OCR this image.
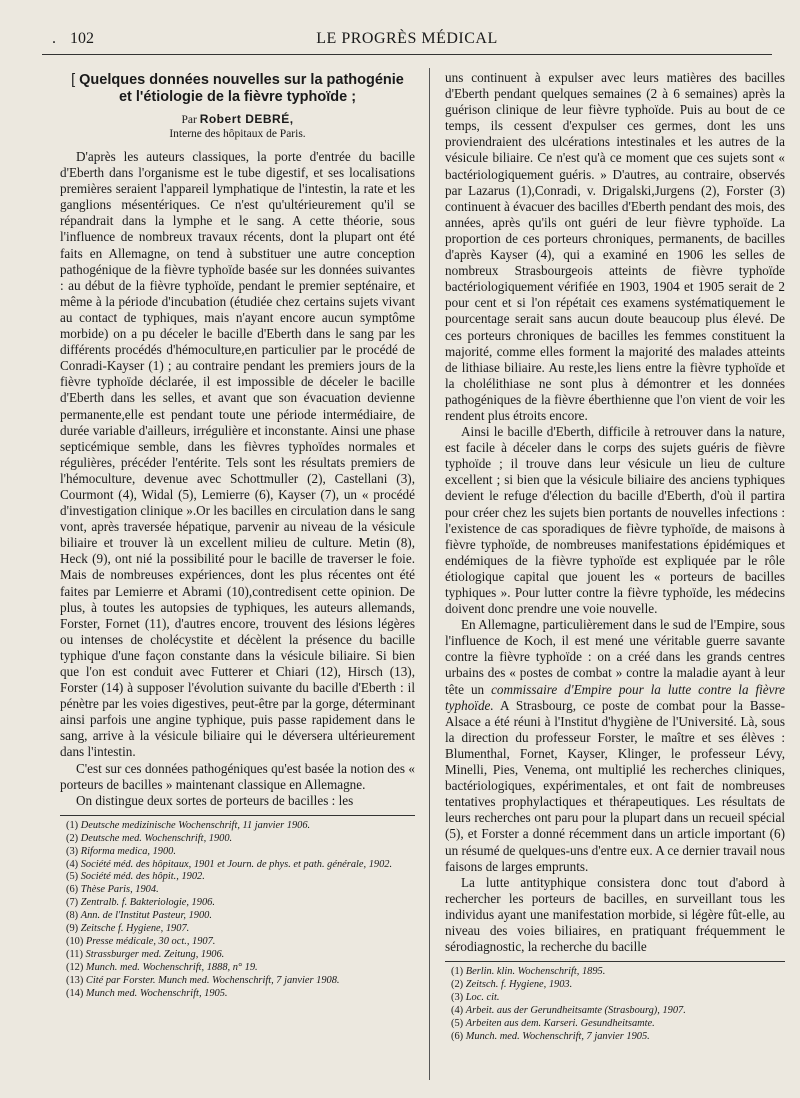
. 102	LE PROGRÈS MÉDICAL
[ Quelques données nouvelles sur la pathogénie
et l'étiologie de la fièvre typhoïde ;

Par Robert DEBRÉ,

Interne des hôpitaux de Paris.

D'après les auteurs classiques, la porte d'entrée du bacille d'Eberth dans l'organisme est le tube digestif, et ses localisations premières seraient l'appareil lymphatique de l'intestin, la rate et les ganglions mésentériques. Ce n'est qu'ultérieurement qu'il se répandrait dans la lymphe et le sang. A cette théorie, sous l'influence de nombreux travaux récents, dont la plupart ont été faits en Allemagne, on tend à substituer une autre conception pathogénique de la fièvre typhoïde basée sur les données suivantes : au début de la fièvre typhoïde, pendant le premier septénaire, et même à la période d'incubation (étudiée chez certains sujets vivant au contact de typhiques, mais n'ayant encore aucun symptôme morbide) on a pu déceler le bacille d'Eberth dans le sang par les différents procédés d'hémoculture,en particulier par le procédé de Conradi-Kayser (1) ; au contraire pendant les premiers jours de la fièvre typhoïde déclarée, il est impossible de déceler le bacille d'Eberth dans les selles, et avant que son évacuation devienne permanente,elle est pendant toute une période intermédiaire, de durée variable d'ailleurs, irrégulière et inconstante. Ainsi une phase septicémique semble, dans les fièvres typhoïdes normales et régulières, précéder l'entérite. Tels sont les résultats premiers de l'hémoculture, devenue avec Schottmuller (2), Castellani (3), Courmont (4), Widal (5), Lemierre (6), Kayser (7), un « procédé d'investigation clinique ».Or les bacilles en circulation dans le sang vont, après traversée hépatique, parvenir au niveau de la vésicule biliaire et trouver là un excellent milieu de culture. Metin (8), Heck (9), ont nié la possibilité pour le bacille de traverser le foie. Mais de nombreuses expériences, dont les plus récentes ont été faites par Lemierre et Abrami (10),contredisent cette opinion. De plus, à toutes les autopsies de typhiques, les auteurs allemands, Forster, Fornet (11), d'autres encore, trouvent des lésions légères ou intenses de cholécystite et décèlent la présence du bacille typhique d'une façon constante dans la vésicule biliaire. Si bien que l'on est conduit avec Futterer et Chiari (12), Hirsch (13), Forster (14) à supposer l'évolution suivante du bacille d'Eberth : il pénètre par les voies digestives, peut-être par la gorge, déterminant ainsi parfois une angine typhique, puis passe rapidement dans le sang, arrive à la vésicule biliaire qui le déversera ultérieurement dans l'intestin.

C'est sur ces données pathogéniques qu'est basée la notion des « porteurs de bacilles » maintenant classique en Allemagne.

On distingue deux sortes de porteurs de bacilles : les

(1) Deutsche medizinische Wochenschrift, 11 janvier 1906.

(2) Deutsche med. Wochenschrift, 1900.

(3) Riforma medica, 1900.

(4) Société méd. des hôpitaux, 1901 et Journ. de phys. et path. générale, 1902.

(5) Société méd. des hôpit., 1902.

(6) Thèse Paris, 1904.

(7) Zentralb. f. Bakteriologie, 1906.

(8) Ann. de l'Institut Pasteur, 1900.

(9) Zeitsche f. Hygiene, 1907.

(10) Presse médicale, 30 oct., 1907.

(11) Strassburger med. Zeitung, 1906.

(12) Munch. med. Wochenschrift, 1888, n° 19.

(13) Cité par Forster. Munch med. Wochenschrift, 7 janvier 1908.

(14) Munch med. Wochenschrift, 1905.

uns continuent à expulser avec leurs matières des bacilles d'Eberth pendant quelques semaines (2 à 6 semaines) après la guérison clinique de leur fièvre typhoïde. Puis au bout de ce temps, ils cessent d'expulser ces germes, dont les uns proviendraient des ulcérations intestinales et les autres de la vésicule biliaire. Ce n'est qu'à ce moment que ces sujets sont « bactériologiquement guéris. » D'autres, au contraire, observés par Lazarus (1),Conradi, v. Drigalski,Jurgens (2), Forster (3) continuent à évacuer des bacilles d'Eberth pendant des mois, des années, après qu'ils ont guéri de leur fièvre typhoïde. La proportion de ces porteurs chroniques, permanents, de bacilles d'après Kayser (4), qui a examiné en 1906 les selles de nombreux Strasbourgeois atteints de fièvre typhoïde bactériologiquement vérifiée en 1903, 1904 et 1905 serait de 2 pour cent et si l'on répétait ces examens systématiquement le pourcentage serait sans aucun doute beaucoup plus élevé. De ces porteurs chroniques de bacilles les femmes constituent la majorité, comme elles forment la majorité des malades atteints de lithiase biliaire. Au reste,les liens entre la fièvre typhoïde et la cholélithiase ne sont plus à démontrer et les données pathogéniques de la fièvre éberthienne que l'on vient de voir les rendent plus étroits encore.

Ainsi le bacille d'Eberth, difficile à retrouver dans la nature, est facile à déceler dans le corps des sujets guéris de fièvre typhoïde ; il trouve dans leur vésicule un lieu de culture excellent ; si bien que la vésicule biliaire des anciens typhiques devient le refuge d'élection du bacille d'Eberth, d'où il partira pour créer chez les sujets bien portants de nouvelles infections : l'existence de cas sporadiques de fièvre typhoïde, de maisons à fièvre typhoïde, de nombreuses manifestations épidémiques et endémiques de la fièvre typhoïde est expliquée par le rôle étiologique capital que jouent les « porteurs de bacilles typhiques ». Pour lutter contre la fièvre typhoïde, les médecins doivent donc prendre une voie nouvelle.

En Allemagne, particulièrement dans le sud de l'Empire, sous l'influence de Koch, il est mené une véritable guerre savante contre la fièvre typhoïde : on a créé dans les grands centres urbains des « postes de combat » contre la maladie ayant à leur tête un commissaire d'Empire pour la lutte contre la fièvre typhoïde. A Strasbourg, ce poste de combat pour la Basse-Alsace a été réuni à l'Institut d'hygiène de l'Université. Là, sous la direction du professeur Forster, le maître et ses élèves : Blumenthal, Fornet, Kayser, Klinger, le professeur Lévy, Minelli, Pies, Venema, ont multiplié les recherches cliniques, bactériologiques, expérimentales, et ont fait de nombreuses tentatives prophylactiques et thérapeutiques. Les résultats de leurs recherches ont paru pour la plupart dans un recueil spécial (5), et Forster a donné récemment dans un article important (6) un résumé de quelques-uns d'entre eux. A ce dernier travail nous faisons de larges emprunts.

La lutte antityphique consistera donc tout d'abord à rechercher les porteurs de bacilles, en surveillant tous les individus ayant une manifestation morbide, si légère fût-elle, au niveau des voies biliaires, en pratiquant fréquemment le sérodiagnostic, la recherche du bacille

(1) Berlin. klin. Wochenschrift, 1895.

(2) Zeitsch. f. Hygiene, 1903.

(3) Loc. cit.

(4) Arbeit. aus der Gerundheitsamte (Strasbourg), 1907.

(5) Arbeiten aus dem. Karseri. Gesundheitsamte.

(6) Munch. med. Wochenschrift, 7 janvier 1905.
